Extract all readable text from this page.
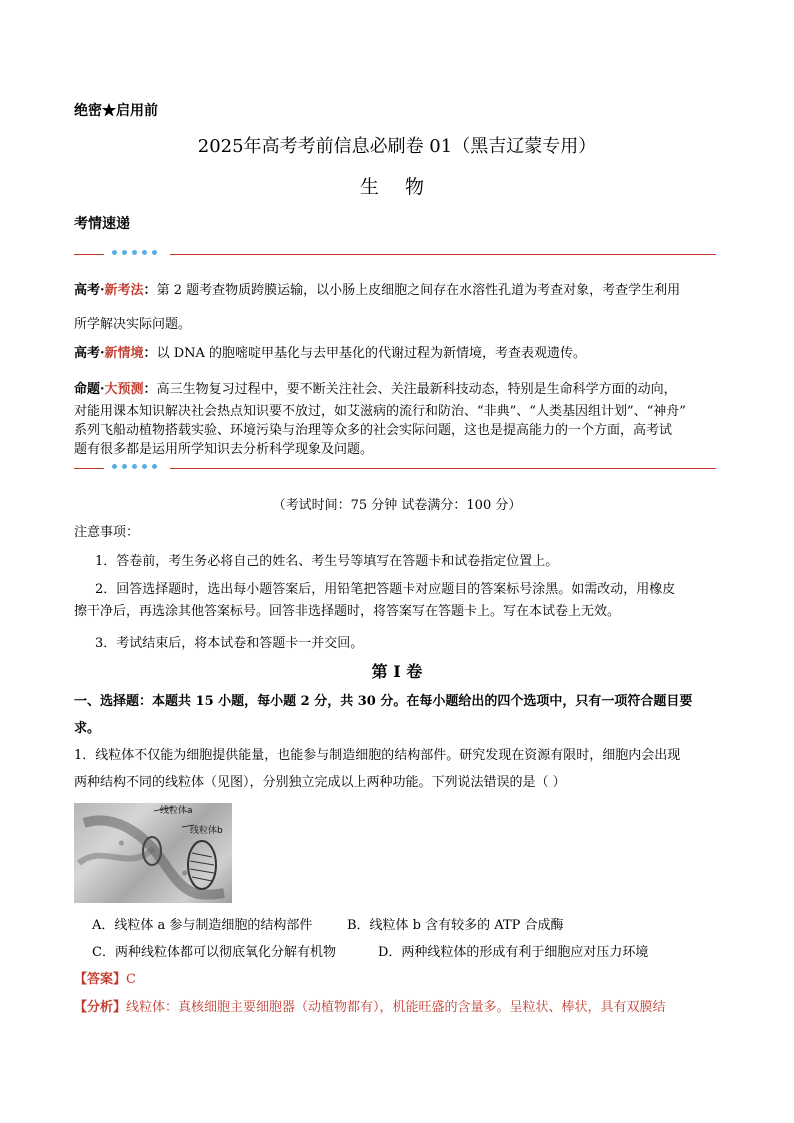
绝密★启用前
2025年高考考前信息必刷卷 01（黑吉辽蒙专用）
生 物
考情速递
高考·新考法：第 2 题考查物质跨膜运输，以小肠上皮细胞之间存在水溶性孔道为考查对象，考查学生利用
所学解决实际问题。
高考·新情境：以 DNA 的胞嘧啶甲基化与去甲基化的代谢过程为新情境，考查表观遗传。
命题·大预测：高三生物复习过程中，要不断关注社会、关注最新科技动态，特别是生命科学方面的动向，
对能用课本知识解决社会热点知识要不放过，如艾滋病的流行和防治、“非典”、“人类基因组计划”、“神舟”
系列飞船动植物搭载实验、环境污染与治理等众多的社会实际问题，这也是提高能力的一个方面，高考试
题有很多都是运用所学知识去分析科学现象及问题。
（考试时间：75 分钟 试卷满分：100 分）
注意事项：
1．答卷前，考生务必将自己的姓名、考生号等填写在答题卡和试卷指定位置上。
2．回答选择题时，选出每小题答案后，用铅笔把答题卡对应题目的答案标号涂黑。如需改动，用橡皮
擦干净后，再选涂其他答案标号。回答非选择题时，将答案写在答题卡上。写在本试卷上无效。
3．考试结束后，将本试卷和答题卡一并交回。
第 I 卷
一、选择题：本题共 15 小题，每小题 2 分，共 30 分。在每小题给出的四个选项中，只有一项符合题目要
求。
1．线粒体不仅能为细胞提供能量，也能参与制造细胞的结构部件。研究发现在资源有限时，细胞内会出现
两种结构不同的线粒体（见图），分别独立完成以上两种功能。下列说法错误的是（ ）
线粒体a
线粒体b
A．线粒体 a 参与制造细胞的结构部件	B．线粒体 b 含有较多的 ATP 合成酶
C．两种线粒体都可以彻底氧化分解有机物	D．两种线粒体的形成有利于细胞应对压力环境
【答案】C
【分析】线粒体：真核细胞主要细胞器（动植物都有），机能旺盛的含量多。呈粒状、棒状，具有双膜结
